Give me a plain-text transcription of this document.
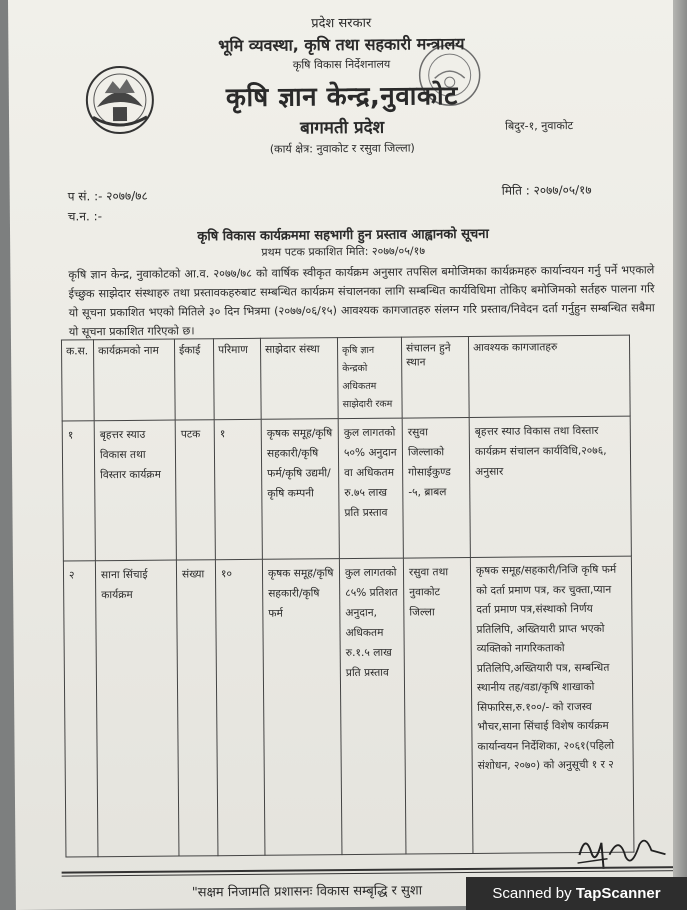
प्रदेश सरकार
भूमि व्यवस्था, कृषि तथा सहकारी मन्त्रालय
कृषि विकास निर्देशनालय
कृषि ज्ञान केन्द्र,नुवाकोट
बागमती प्रदेश
(कार्य क्षेत्र: नुवाकोट र रसुवा जिल्ला)
बिदुर-१, नुवाकोट
प सं. :- २०७७/७८
च.न. :-
मिति : २०७७/०५/१७
कृषि विकास कार्यक्रममा सहभागी हुन प्रस्ताव आह्वानको सूचना
प्रथम पटक प्रकाशित मिति: २०७७/०५/१७
कृषि ज्ञान केन्द्र, नुवाकोटको आ.व. २०७७/७८ को वार्षिक स्वीकृत कार्यक्रम अनुसार तपसिल बमोजिमका कार्यक्रमहरु कार्यान्वयन गर्नु पर्ने भएकाले ईच्छुक साझेदार संस्थाहरु तथा प्रस्तावकहरुबाट सम्बन्धित कार्यक्रम संचालनका लागि सम्बन्धित कार्यविधिमा तोकिए बमोजिमको सर्तहरु पालना गरि यो सूचना प्रकाशित भएको मितिले ३० दिन भित्रमा (२०७७/०६/१५) आवश्यक कागजातहरु संलग्न गरि प्रस्ताव/निवेदन दर्ता गर्नुहुन सम्बन्धित सबैमा यो सूचना प्रकाशित गरिएको छ।
क.स.	कार्यक्रमको नाम	ईकाई	परिमाण	साझेदार संस्था	कृषि ज्ञान केन्द्रको अधिकतम साझेदारी रकम	संचालन हुने स्थान	आवश्यक कागजातहरु
१	बृहत्तर स्याउ विकास तथा विस्तार कार्यक्रम	पटक	१	कृषक समूह/कृषि सहकारी/कृषि फर्म/कृषि उद्यमी/कृषि कम्पनी	कुल लागतको ५०% अनुदान वा अधिकतम रु.७५ लाख प्रति प्रस्ताव	रसुवा जिल्लाको गोसाईकुण्ड -५, ब्राबल	बृहत्तर स्याउ विकास तथा विस्तार कार्यक्रम संचालन कार्यविधि,२०७६, अनुसार
२	साना सिंचाई कार्यक्रम	संख्या	१०	कृषक समूह/कृषि सहकारी/कृषि फर्म	कुल लागतको ८५% प्रतिशत अनुदान, अधिकतम रु.१.५ लाख प्रति प्रस्ताव	रसुवा तथा नुवाकोट जिल्ला	कृषक समूह/सहकारी/निजि कृषि फर्म को दर्ता प्रमाण पत्र, कर चुक्ता,प्यान दर्ता प्रमाण पत्र,संस्थाको निर्णय प्रतिलिपि, अख्तियारी प्राप्त भएको व्यक्तिको नागरिकताको प्रतिलिपि,अख्तियारी पत्र, सम्बन्धित स्थानीय तह/वडा/कृषि शाखाको सिफारिस,रु.१००/- को राजस्व भौचर,साना सिंचाई विशेष कार्यक्रम कार्यान्वयन निर्देशिका, २०६१(पहिलो संशोधन, २०७०) को अनुसूची १ र २
"सक्षम निजामति प्रशासनः विकास सम्बृद्धि र सुशा	Scanned by TapScanner
